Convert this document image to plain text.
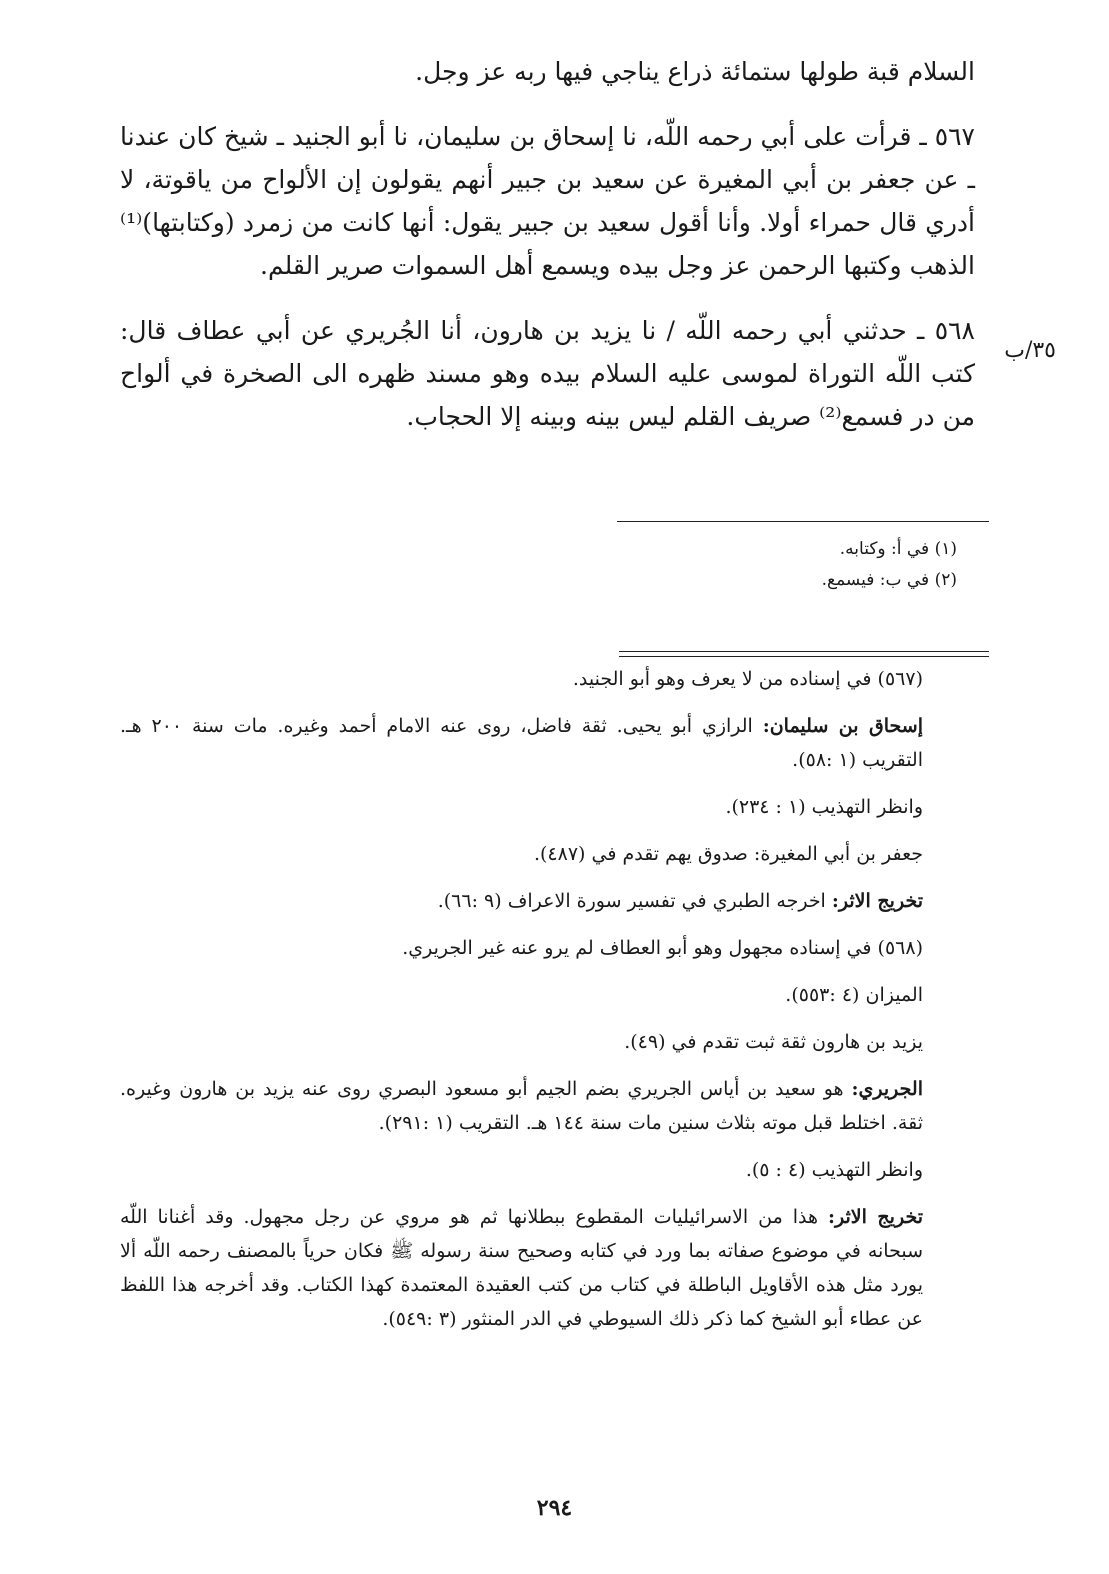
السلام قبة طولها ستمائة ذراع يناجي فيها ربه عز وجل.

٥٦٧ ـ قرأت على أبي رحمه اللّه، نا إسحاق بن سليمان، نا أبو الجنيد ـ شيخ كان عندنا ـ عن جعفر بن أبي المغيرة عن سعيد بن جبير أنهم يقولون إن الألواح من ياقوتة، لا أدري قال حمراء أولا. وأنا أقول سعيد بن جبير يقول: أنها كانت من زمرد (وكتابتها)⁽¹⁾ الذهب وكتبها الرحمن عز وجل بيده ويسمع أهل السموات صرير القلم.

٥٦٨ ـ حدثني أبي رحمه اللّه / نا يزيد بن هارون، أنا الجُريري عن أبي عطاف قال: كتب اللّه التوراة لموسى عليه السلام بيده وهو مسند ظهره الى الصخرة في ألواح من در فسمع⁽²⁾ صريف القلم ليس بينه وبينه إلا الحجاب.

٣٥/ب

(١) في أ: وكتابه.

(٢) في ب: فيسمع.

(٥٦٧) في إسناده من لا يعرف وهو أبو الجنيد.

إسحاق بن سليمان: الرازي أبو يحيى. ثقة فاضل، روى عنه الامام أحمد وغيره. مات سنة ٢٠٠ هـ. التقريب (١ :٥٨).

وانظر التهذيب (١ : ٢٣٤).

جعفر بن أبي المغيرة: صدوق يهم تقدم في (٤٨٧).

تخريج الاثر: اخرجه الطبري في تفسير سورة الاعراف (٩ :٦٦).

(٥٦٨) في إسناده مجهول وهو أبو العطاف لم يرو عنه غير الجريري.

الميزان (٤ :٥٥٣).

يزيد بن هارون ثقة ثبت تقدم في (٤٩).

الجريري: هو سعيد بن أياس الجريري بضم الجيم أبو مسعود البصري روى عنه يزيد بن هارون وغيره. ثقة. اختلط قبل موته بثلاث سنين مات سنة ١٤٤ هـ. التقريب (١ :٢٩١).

وانظر التهذيب (٤ : ٥).

تخريج الاثر: هذا من الاسرائيليات المقطوع ببطلانها ثم هو مروي عن رجل مجهول. وقد أغنانا اللّه سبحانه في موضوع صفاته بما ورد في كتابه وصحيح سنة رسوله ﷺ فكان حرياً بالمصنف رحمه اللّه ألا يورد مثل هذه الأقاويل الباطلة في كتاب من كتب العقيدة المعتمدة كهذا الكتاب. وقد أخرجه هذا اللفظ عن عطاء أبو الشيخ كما ذكر ذلك السيوطي في الدر المنثور (٣ :٥٤٩).

٢٩٤
